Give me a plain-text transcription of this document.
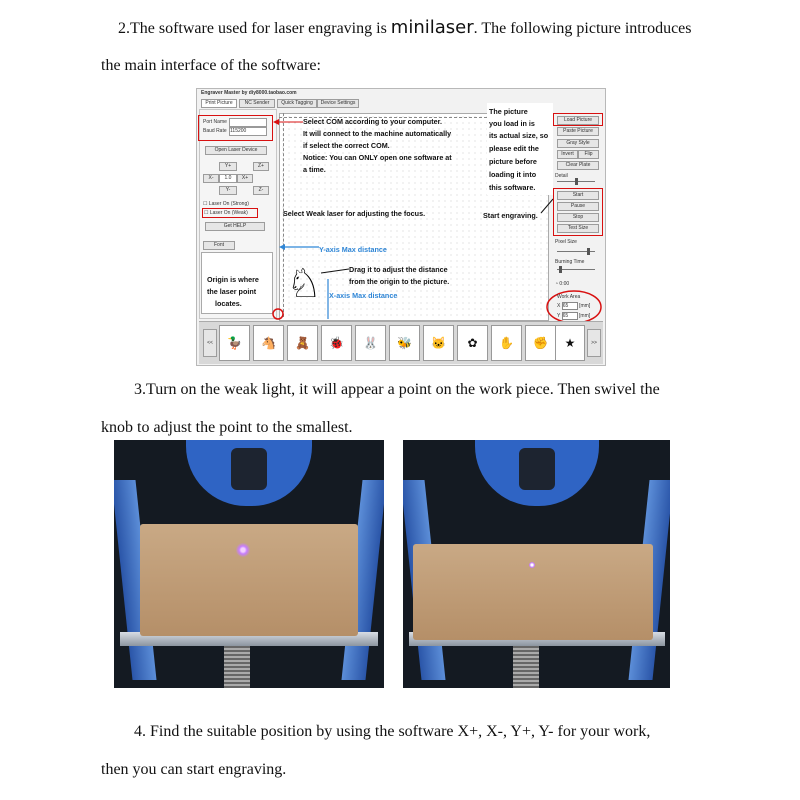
2.The software used for laser engraving is minilaser. The following picture introduces
the main interface of the software:
Engraver Master by diy8000.taobao.com
Print Picture	NC Sender	Quick Tagging	Device Settings
Port Name
Baud Rate 115200
Open Laser Device
Y+	Z+
X-	1.0	X+
Y-	Z-
☐ Laser On (Strong)
☐ Laser On (Weak)
Get HELP
Font	Y-axis Max distance
X-axis Max distance
♘
Select COM according to your computer.
It will connect to the machine automatically
if select the correct COM.
Notice: You can ONLY open one software at
a time.
Select Weak laser for adjusting the focus.
Drag it to adjust the distance
from the origin to the picture.
Origin is where
the laser point
locates.
The picture
you load in is
its actual size, so
please edit the
picture before
loading it into
this software.
Start engraving.
Load Picture
Paste Picture
Gray Style
Invert	Flip
Clear Plate
Detail
Start
Pause
Stop
Test Size
Pixel Size
Burning Time
◔ 0:00
Work Area
X 65 [mm]
Y 65 [mm]
<<	>>
🦆	🐴	🧸	🐞	🐰	🐝	🐱	✿	✋	✊	★
3.Turn on the weak light, it will appear a point on the work piece. Then swivel the
knob to adjust the point to the smallest.
4. Find the suitable position by using the software X+, X-, Y+, Y- for your work,
then you can start engraving.
